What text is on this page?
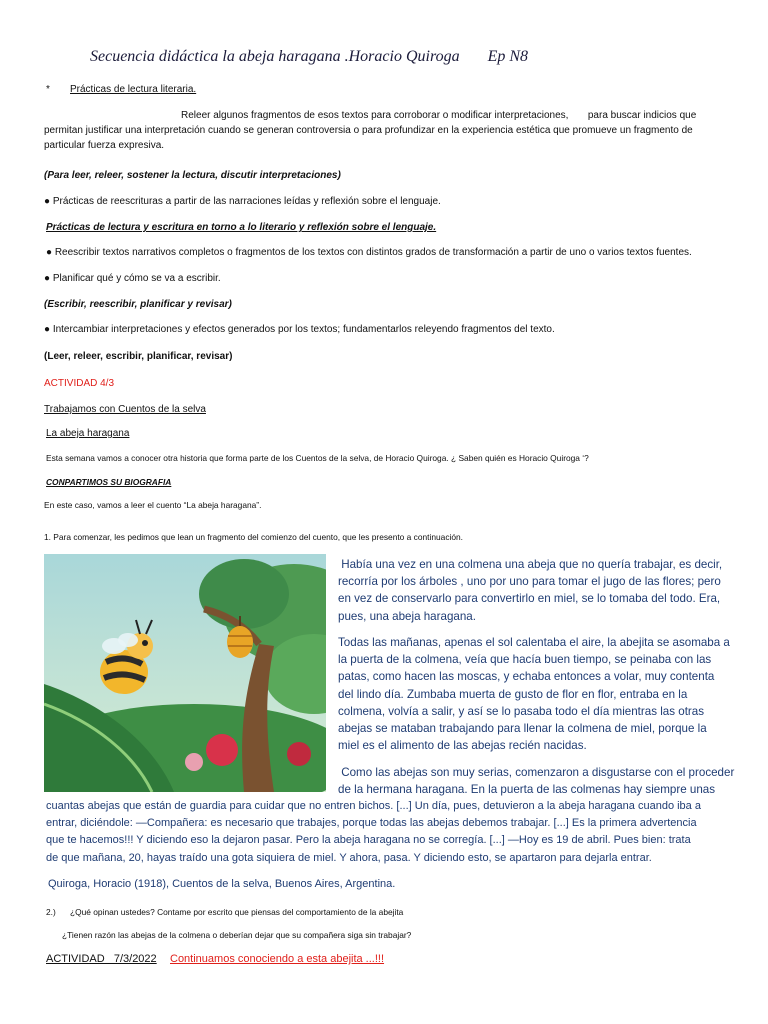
Secuencia didáctica la abeja haragana .Horacio Quiroga       Ep N8
* Prácticas de lectura literaria.
Releer algunos fragmentos de esos textos para corroborar o modificar interpretaciones,       para buscar indicios que
permitan justificar una interpretación cuando se generan controversia o para profundizar en la experiencia estética que promueve un fragmento de
particular fuerza expresiva.
(Para leer, releer, sostener la lectura, discutir interpretaciones)
● Prácticas de reescrituras a partir de las narraciones leídas y reflexión sobre el lenguaje.
Prácticas de lectura y escritura en torno a lo literario y reflexión sobre el lenguaje.
● Reescribir textos narrativos completos o fragmentos de los textos con distintos grados de transformación a partir de uno o varios textos fuentes.
● Planificar qué y cómo se va a escribir.
(Escribir, reescribir, planificar y revisar)
● Intercambiar interpretaciones y efectos generados por los textos; fundamentarlos releyendo fragmentos del texto.
(Leer, releer, escribir, planificar, revisar)
ACTIVIDAD 4/3
Trabajamos con Cuentos de la selva
La abeja haragana
Esta semana vamos a conocer otra historia que forma parte de los Cuentos de la selva, de Horacio Quiroga. ¿ Saben quién es Horacio Quiroga ‘?
CONPARTIMOS SU BIOGRAFIA
En este caso, vamos a leer el cuento “La abeja haragana”.
1. Para comenzar, les pedimos que lean un fragmento del comienzo del cuento, que les presento a continuación.
Había una vez en una colmena una abeja que no quería trabajar, es decir,
recorría por los árboles , uno por uno para tomar el jugo de las flores; pero
en vez de conservarlo para convertirlo en miel, se lo tomaba del todo. Era,
pues, una abeja haragana.
Todas las mañanas, apenas el sol calentaba el aire, la abejita se asomaba a
la puerta de la colmena, veía que hacía buen tiempo, se peinaba con las
patas, como hacen las moscas, y echaba entonces a volar, muy contenta
del lindo día. Zumbaba muerta de gusto de flor en flor, entraba en la
colmena, volvía a salir, y así se lo pasaba todo el día mientras las otras
abejas se mataban trabajando para llenar la colmena de miel, porque la
miel es el alimento de las abejas recién nacidas.
Como las abejas son muy serias, comenzaron a disgustarse con el proceder
de la hermana haragana. En la puerta de las colmenas hay siempre unas
cuantas abejas que están de guardia para cuidar que no entren bichos. [...] Un día, pues, detuvieron a la abeja haragana cuando iba a
entrar, diciéndole: —Compañera: es necesario que trabajes, porque todas las abejas debemos trabajar. [...] Es la primera advertencia
que te hacemos!!! Y diciendo eso la dejaron pasar. Pero la abeja haragana no se corregía. [...] —Hoy es 19 de abril. Pues bien: trata
de que mañana, 20, hayas traído una gota siquiera de miel. Y ahora, pasa. Y diciendo esto, se apartaron para dejarla entrar.
Quiroga, Horacio (1918), Cuentos de la selva, Buenos Aires, Argentina.
2.) ¿Qué opinan ustedes? Contame por escrito que piensas del comportamiento de la abejita
¿Tienen razón las abejas de la colmena o deberían dejar que su compañera siga sin trabajar?
ACTIVIDAD   7/3/2022 Continuamos conociendo a esta abejita ...!!!
